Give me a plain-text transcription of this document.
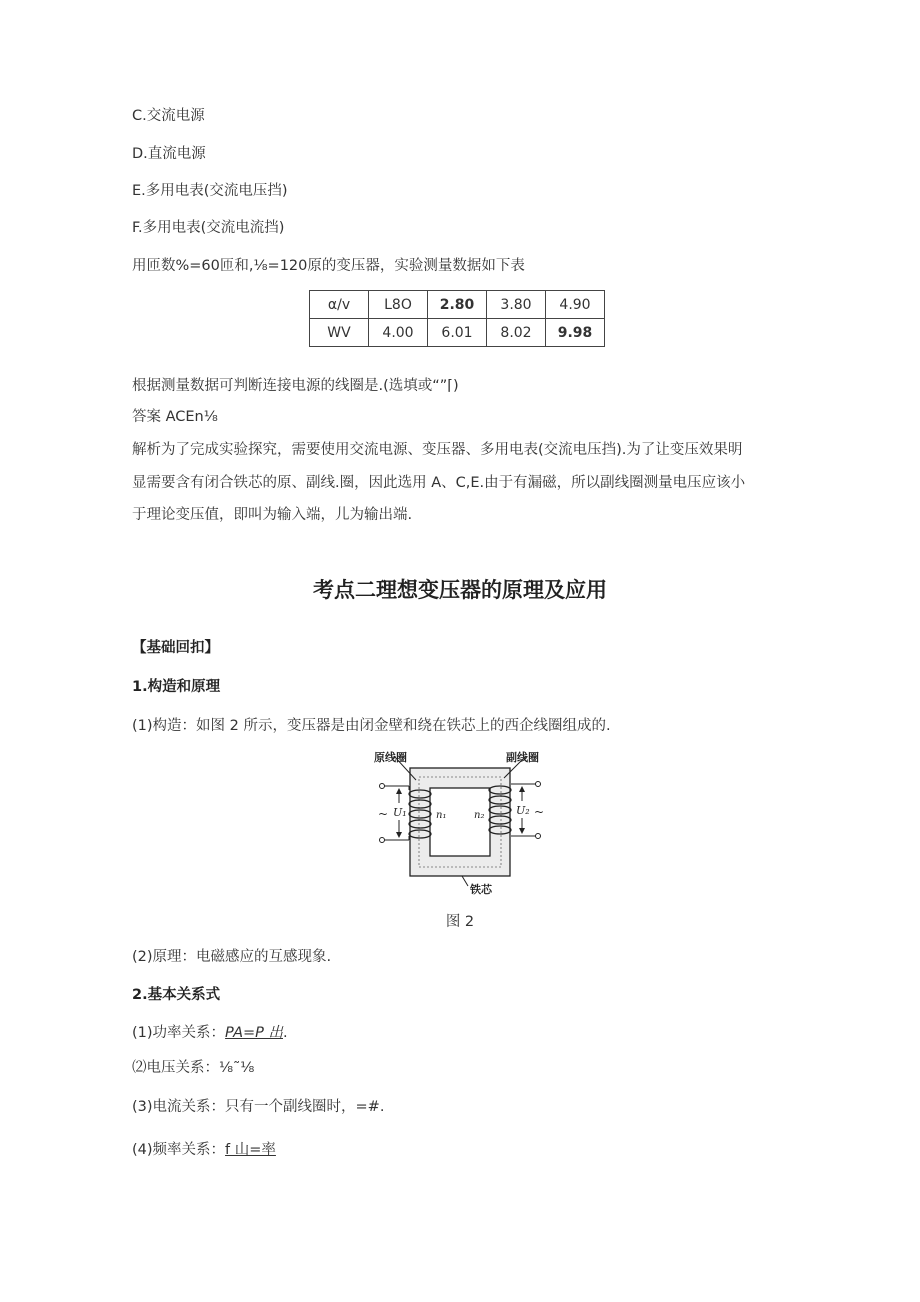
C.交流电源
D.直流电源
E.多用电表(交流电压挡)
F.多用电表(交流电流挡)
用匝数%=60匝和,⅛=120原的变压器，实验测量数据如下表
α/v	L8O	2.80	3.80	4.90
WV	4.00	6.01	8.02	9.98
根据测量数据可判断连接电源的线圈是.(选填或“”⌈)
答案 ACEn⅛
解析为了完成实验探究，需要使用交流电源、变压器、多用电表(交流电压挡).为了让变压效果明
显需要含有闭合铁芯的原、副线.圈，因此选用 A、C,E.由于有漏磁，所以副线圈测量电压应该小
于理论变压值，即叫为输入端，儿为输出端.
考点二理想变压器的原理及应用
【基础回扣】
1.构造和原理
(1)构造：如图 2 所示，变压器是由闭金壁和绕在铁芯上的西企线圈组成的.
原线圈	副线圈
铁芯
U₁	U₂
n₁	n₂
~	~
图 2
(2)原理：电磁感应的互感现象.
2.基本关系式
(1)功率关系：PA=P 出.
⑵电压关系：⅛˜⅛
(3)电流关系：只有一个副线圈时，=#.
(4)频率关系：f 山=率
